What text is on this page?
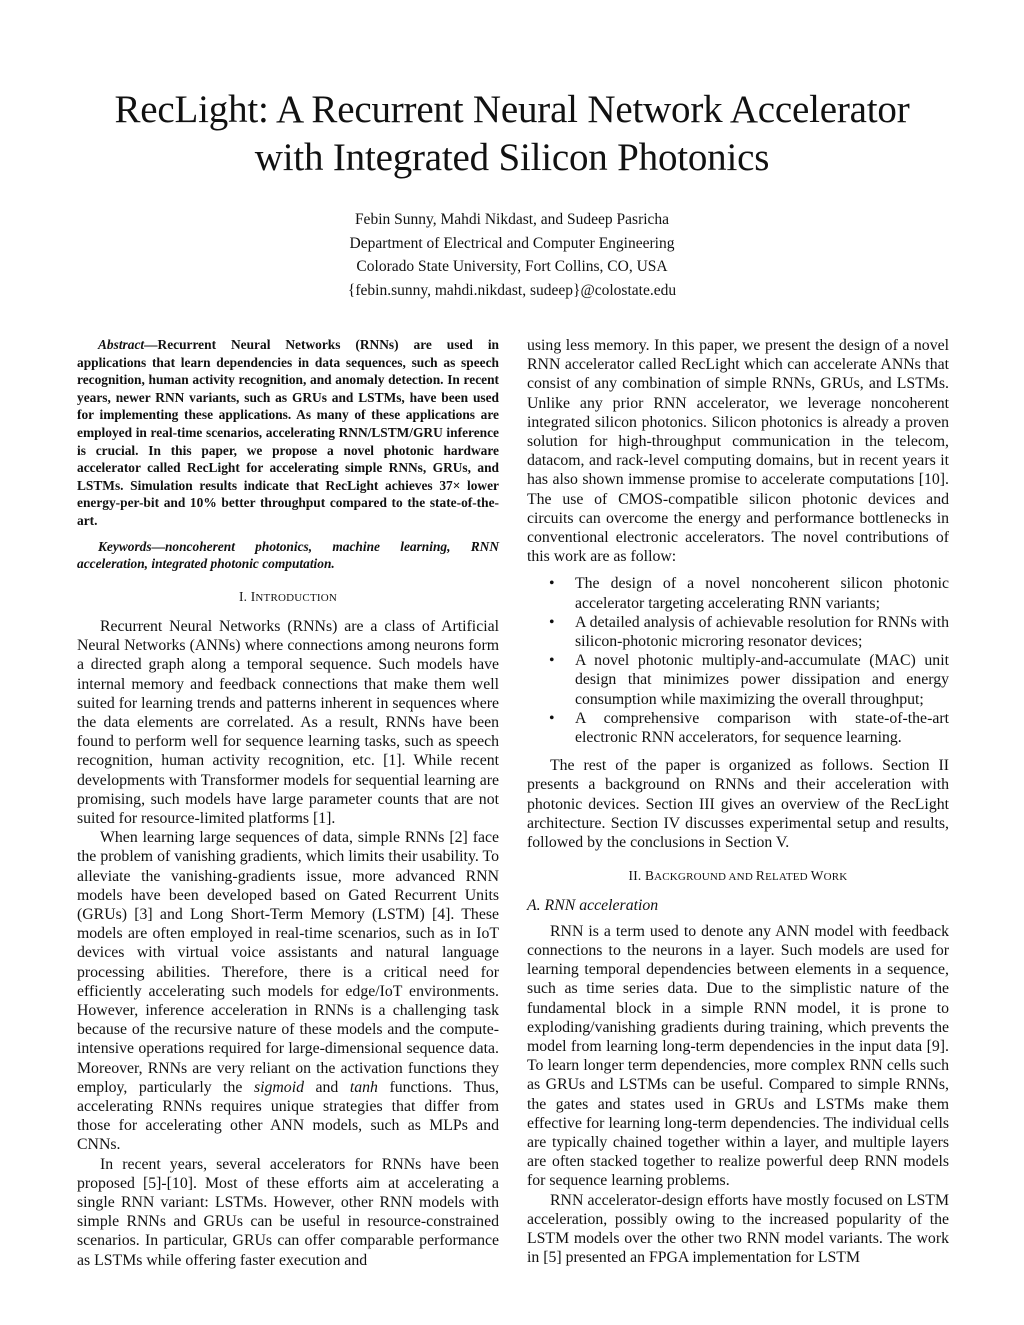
RecLight: A Recurrent Neural Network Accelerator
with Integrated Silicon Photonics
Febin Sunny, Mahdi Nikdast, and Sudeep Pasricha
Department of Electrical and Computer Engineering
Colorado State University, Fort Collins, CO, USA
{febin.sunny, mahdi.nikdast, sudeep}@colostate.edu

Abstract—Recurrent Neural Networks (RNNs) are used in applications that learn dependencies in data sequences, such as speech recognition, human activity recognition, and anomaly detection. In recent years, newer RNN variants, such as GRUs and LSTMs, have been used for implementing these applications. As many of these applications are employed in real-time scenarios, accelerating RNN/LSTM/GRU inference is crucial. In this paper, we propose a novel photonic hardware accelerator called RecLight for accelerating simple RNNs, GRUs, and LSTMs. Simulation results indicate that RecLight achieves 37× lower energy-per-bit and 10% better throughput compared to the state-of-the-art.

Keywords—noncoherent photonics, machine learning, RNN acceleration, integrated photonic computation.

I. INTRODUCTION

Recurrent Neural Networks (RNNs) are a class of Artificial Neural Networks (ANNs) where connections among neurons form a directed graph along a temporal sequence. Such models have internal memory and feedback connections that make them well suited for learning trends and patterns inherent in sequences where the data elements are correlated. As a result, RNNs have been found to perform well for sequence learning tasks, such as speech recognition, human activity recognition, etc. [1]. While recent developments with Transformer models for sequential learning are promising, such models have large parameter counts that are not suited for resource-limited platforms [1].

When learning large sequences of data, simple RNNs [2] face the problem of vanishing gradients, which limits their usability. To alleviate the vanishing-gradients issue, more advanced RNN models have been developed based on Gated Recurrent Units (GRUs) [3] and Long Short-Term Memory (LSTM) [4]. These models are often employed in real-time scenarios, such as in IoT devices with virtual voice assistants and natural language processing abilities. Therefore, there is a critical need for efficiently accelerating such models for edge/IoT environments. However, inference acceleration in RNNs is a challenging task because of the recursive nature of these models and the compute-intensive operations required for large-dimensional sequence data. Moreover, RNNs are very reliant on the activation functions they employ, particularly the sigmoid and tanh functions. Thus, accelerating RNNs requires unique strategies that differ from those for accelerating other ANN models, such as MLPs and CNNs.

In recent years, several accelerators for RNNs have been proposed [5]-[10]. Most of these efforts aim at accelerating a single RNN variant: LSTMs. However, other RNN models with simple RNNs and GRUs can be useful in resource-constrained scenarios. In particular, GRUs can offer comparable performance as LSTMs while offering faster execution and

using less memory. In this paper, we present the design of a novel RNN accelerator called RecLight which can accelerate ANNs that consist of any combination of simple RNNs, GRUs, and LSTMs. Unlike any prior RNN accelerator, we leverage noncoherent integrated silicon photonics. Silicon photonics is already a proven solution for high-throughput communication in the telecom, datacom, and rack-level computing domains, but in recent years it has also shown immense promise to accelerate computations [10]. The use of CMOS-compatible silicon photonic devices and circuits can overcome the energy and performance bottlenecks in conventional electronic accelerators. The novel contributions of this work are as follow:

• The design of a novel noncoherent silicon photonic accelerator targeting accelerating RNN variants;
• A detailed analysis of achievable resolution for RNNs with silicon-photonic microring resonator devices;
• A novel photonic multiply-and-accumulate (MAC) unit design that minimizes power dissipation and energy consumption while maximizing the overall throughput;
• A comprehensive comparison with state-of-the-art electronic RNN accelerators, for sequence learning.

The rest of the paper is organized as follows. Section II presents a background on RNNs and their acceleration with photonic devices. Section III gives an overview of the RecLight architecture. Section IV discusses experimental setup and results, followed by the conclusions in Section V.

II. BACKGROUND AND RELATED WORK
A. RNN acceleration

RNN is a term used to denote any ANN model with feedback connections to the neurons in a layer. Such models are used for learning temporal dependencies between elements in a sequence, such as time series data. Due to the simplistic nature of the fundamental block in a simple RNN model, it is prone to exploding/vanishing gradients during training, which prevents the model from learning long-term dependencies in the input data [9]. To learn longer term dependencies, more complex RNN cells such as GRUs and LSTMs can be useful. Compared to simple RNNs, the gates and states used in GRUs and LSTMs make them effective for learning long-term dependencies. The individual cells are typically chained together within a layer, and multiple layers are often stacked together to realize powerful deep RNN models for sequence learning problems.

RNN accelerator-design efforts have mostly focused on LSTM acceleration, possibly owing to the increased popularity of the LSTM models over the other two RNN model variants. The work in [5] presented an FPGA implementation for LSTM
